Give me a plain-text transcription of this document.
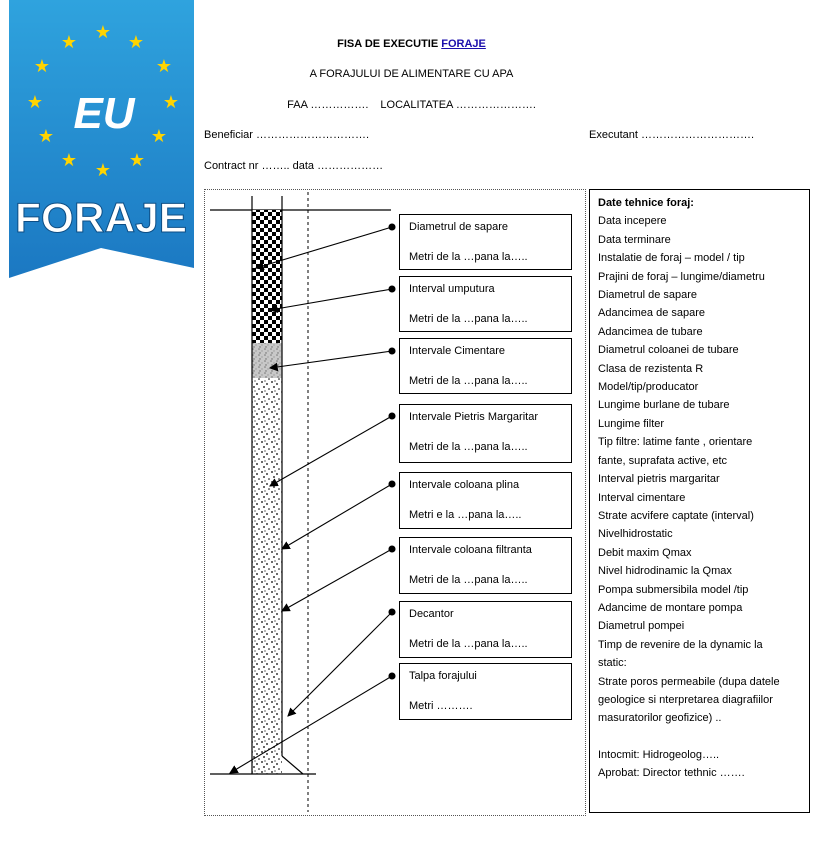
★ ★
★
★
★
★
★
★
★
★
★
★
EU
FORAJE
FISA DE EXECUTIE FORAJE
A FORAJULUI DE ALIMENTARE CU APA
FAA ……………. LOCALITATEA ………………….
Beneficiar ………………………….	Executant ………………………….
Contract nr …….. data ………………
Diametrul de sapare
Metri de la …pana la…..
Interval umputura
Metri de la …pana la…..
Intervale Cimentare
Metri de la …pana la…..
Intervale Pietris Margaritar
Metri de la …pana la…..
Intervale coloana plina
Metri e la …pana la…..
Intervale coloana filtranta
Metri de la …pana la…..
Decantor
Metri de la …pana la…..
Talpa forajului
Metri ……….
Date tehnice foraj:
Data incepere
Data terminare
Instalatie de foraj – model / tip
Prajini de foraj – lungime/diametru
Diametrul de sapare
Adancimea de sapare
Adancimea de tubare
Diametrul coloanei de tubare
Clasa de rezistenta R
Model/tip/producator
Lungime burlane de tubare
Lungime filter
Tip filtre: latime fante , orientare
fante, suprafata active, etc
Interval pietris margaritar
Interval cimentare
Strate acvifere captate (interval)
Nivelhidrostatic
Debit maxim Qmax
Nivel hidrodinamic la Qmax
Pompa submersibila model /tip
Adancime de montare pompa
Diametrul pompei
Timp de revenire de la dynamic la
static:
Strate poros permeabile (dupa datele
geologice si nterpretarea diagrafiilor
masuratorilor geofizice) ..
Intocmit: Hidrogeolog…..
Aprobat: Director tethnic …….
